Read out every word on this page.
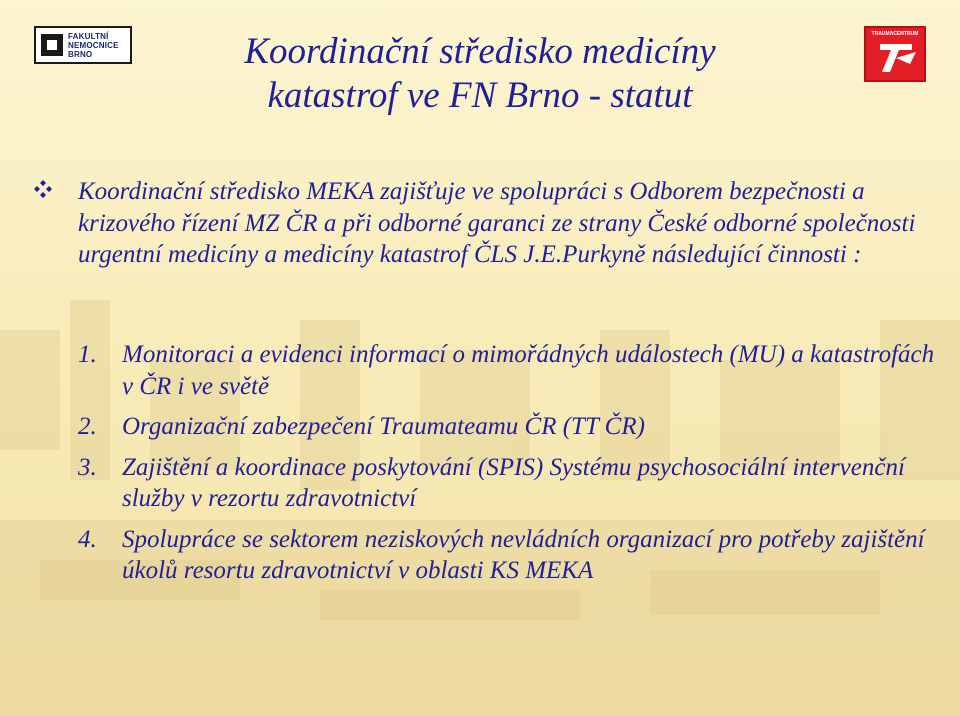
FAKULTNÍ
NEMOCNICE
BRNO
TRAUMACENTRUM
Koordinační středisko medicíny
katastrof ve FN Brno - statut

Koordinační středisko MEKA zajišťuje ve spolupráci s Odborem bezpečnosti a krizového řízení MZ ČR a při odborné garanci ze strany České odborné společnosti urgentní medicíny a medicíny katastrof ČLS J.E.Purkyně následující činnosti :

1.	Monitoraci a evidenci informací o mimořádných událostech (MU) a katastrofách v ČR i ve světě
2.	Organizační zabezpečení Traumateamu ČR (TT ČR)
3.	Zajištění a koordinace poskytování (SPIS) Systému psychosociální intervenční služby v rezortu zdravotnictví
4.	Spolupráce se sektorem neziskových nevládních organizací pro potřeby zajištění úkolů resortu zdravotnictví v oblasti KS MEKA
